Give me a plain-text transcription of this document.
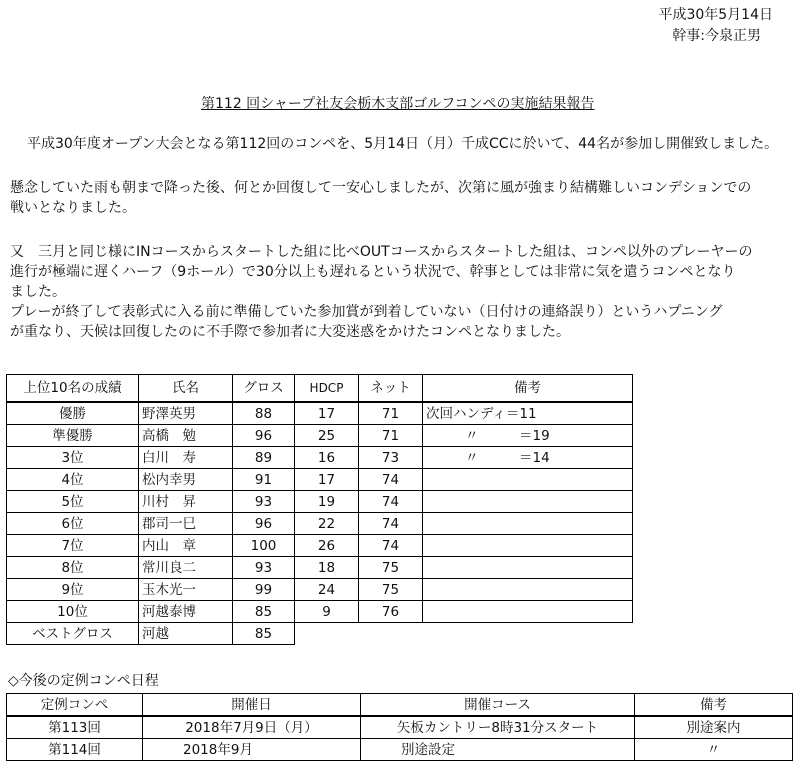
平成30年5月14日
幹事:今泉正男
第112 回シャープ社友会栃木支部ゴルフコンペの実施結果報告
平成30年度オープン大会となる第112回のコンペを、5月14日（月）千成CCに於いて、44名が参加し開催致しました。
懸念していた雨も朝まで降った後、何とか回復して一安心しましたが、次第に風が強まり結構難しいコンデションでの
戦いとなりました。
又　三月と同じ様にINコースからスタートした組に比べOUTコースからスタートした組は、コンペ以外のプレーヤーの
進行が極端に遅くハーフ（9ホール）で30分以上も遅れるという状況で、幹事としては非常に気を遣うコンペとなり
ました。
プレーが終了して表彰式に入る前に準備していた参加賞が到着していない（日付けの連絡誤り）というハプニング
が重なり、天候は回復したのに不手際で参加者に大変迷惑をかけたコンペとなりました。
上位10名の成績	氏名	グロス	HDCP	ネット	備考
優勝	野澤英男	88	17	71	次回ハンディ＝11
準優勝	高橋　勉	96	25	71	〃　　　＝19
3位	白川　寿	89	16	73	〃　　　＝14
4位	松内幸男	91	17	74	
5位	川村　昇	93	19	74	
6位	郡司一巳	96	22	74	
7位	内山　章	100	26	74	
8位	常川良二	93	18	75	
9位	玉木光一	99	24	75	
10位	河越泰博	85	9	76	
ベストグロス	河越	85			
◇今後の定例コンペ日程
定例コンペ	開催日	開催コース	備考
第113回	2018年7月9日（月）	矢板カントリー8時31分スタート	別途案内
第114回	2018年9月	別途設定	〃
